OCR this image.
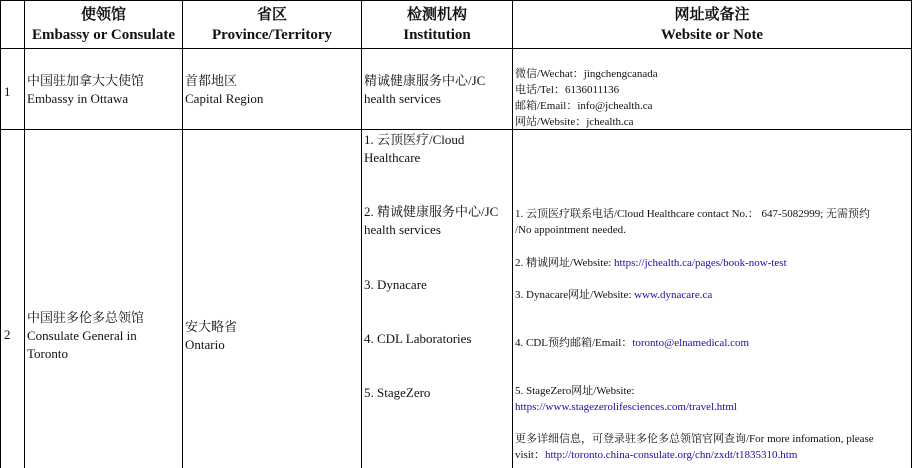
使领馆
Embassy or Consulate
省区
Province/Territory
检测机构
Institution
网址或备注
Website or Note
1
中国驻加拿大大使馆
Embassy in Ottawa
首都地区
Capital Region
精诚健康服务中心/JC
health services
微信/Wechat：jingchengcanada
电话/Tel：6136011136
邮箱/Email：info@jchealth.ca
网站/Website：jchealth.ca
2
中国驻多伦多总领馆
Consulate General in
Toronto
安大略省
Ontario
1. 云顶医疗/Cloud
Healthcare
2. 精诚健康服务中心/JC
health services
3. Dynacare
4. CDL Laboratories
5. StageZero
1. 云顶医疗联系电话/Cloud Healthcare contact No.： 647-5082999; 无需预约
/No appointment needed.
2. 精诚网址/Website: https://jchealth.ca/pages/book-now-test
3. Dynacare网址/Website: www.dynacare.ca
4. CDL预约邮箱/Email：toronto@elnamedical.com
5. StageZero网址/Website:
https://www.stagezerolifesciences.com/travel.html
更多详细信息，可登录驻多伦多总领馆官网查询/For more infomation, please
visit：http://toronto.china-consulate.org/chn/zxdt/t1835310.htm
